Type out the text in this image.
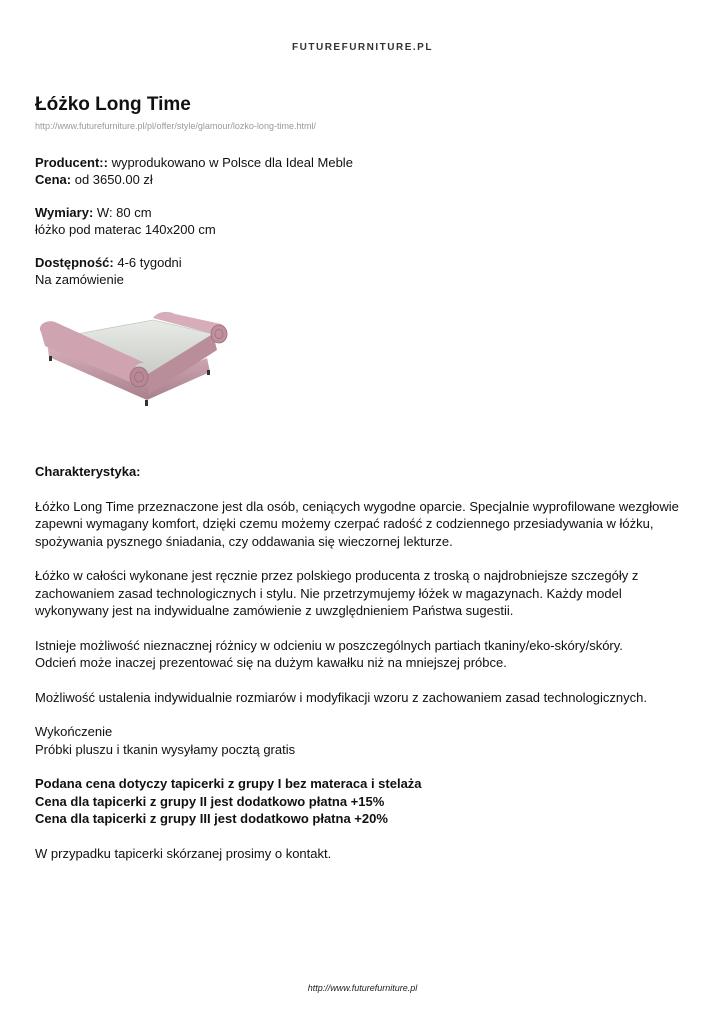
FUTUREFURNITURE.PL
Łóżko Long Time
http://www.futurefurniture.pl/pl/offer/style/glamour/lozko-long-time.html/

Producent:: wyprodukowano w Polsce dla Ideal Meble
Cena: od 3650.00 zł

Wymiary: W: 80 cm
łóżko pod materac 140x200 cm

Dostępność: 4-6 tygodni
Na zamówienie

Charakterystyka:

Łóżko Long Time przeznaczone jest dla osób, ceniących wygodne oparcie. Specjalnie wyprofilowane wezgłowie zapewni wymagany komfort, dzięki czemu możemy czerpać radość z codziennego przesiadywania w łóżku, spożywania pysznego śniadania, czy oddawania się wieczornej lekturze.

Łóżko w całości wykonane jest ręcznie przez polskiego producenta z troską o najdrobniejsze szczegóły z zachowaniem zasad technologicznych i stylu. Nie przetrzymujemy łóżek w magazynach. Każdy model wykonywany jest na indywidualne zamówienie z uwzględnieniem Państwa sugestii.

Istnieje możliwość nieznacznej różnicy w odcieniu w poszczególnych partiach tkaniny/eko-skóry/skóry.
Odcień może inaczej prezentować się na dużym kawałku niż na mniejszej próbce.

Możliwość ustalenia indywidualnie rozmiarów i modyfikacji wzoru z zachowaniem zasad technologicznych.

Wykończenie
Próbki pluszu i tkanin wysyłamy pocztą gratis

Podana cena dotyczy tapicerki z grupy I bez materaca i stelaża
Cena dla tapicerki z grupy II jest dodatkowo płatna +15%
Cena dla tapicerki z grupy III jest dodatkowo płatna +20%

W przypadku tapicerki skórzanej prosimy o kontakt.

http://www.futurefurniture.pl
